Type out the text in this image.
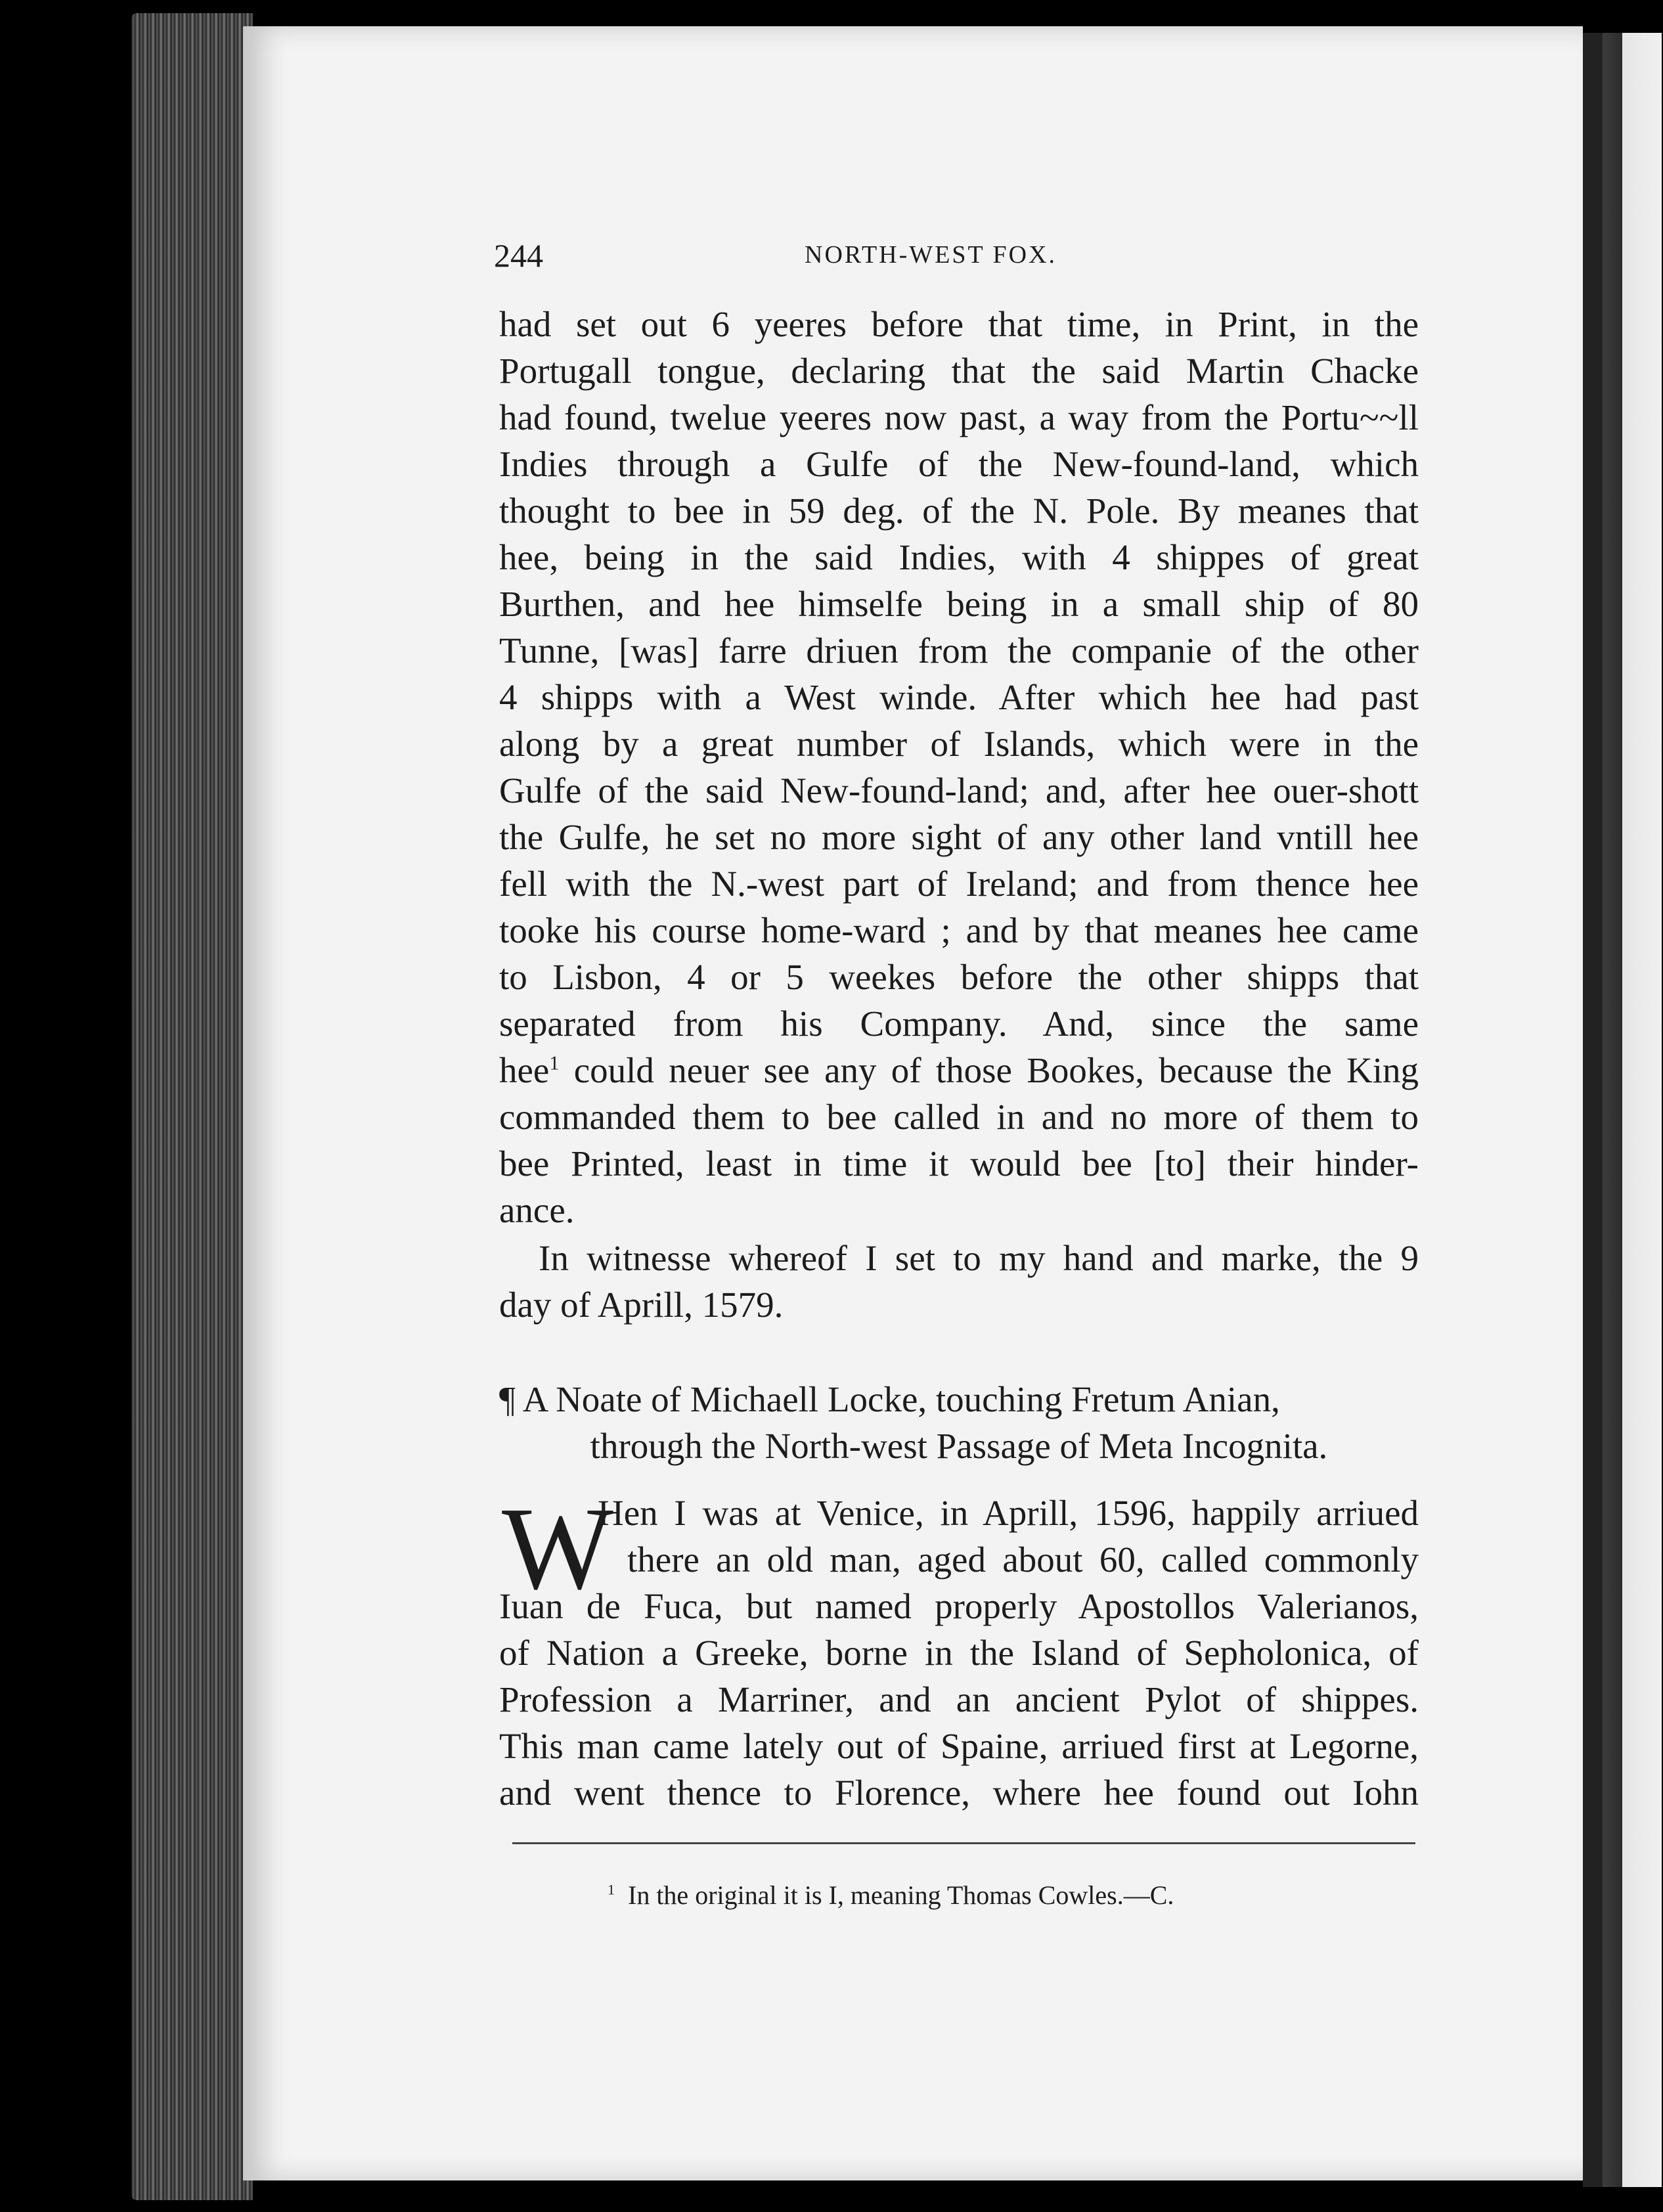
244	NORTH-WEST FOX.
had set out 6 yeeres before that time, in Print, in the
Portugall tongue, declaring that the said Martin Chacke
had found, twelue yeeres now past, a way from the Portu~~ll
Indies through a Gulfe of the New-found-land, which
thought to bee in 59 deg. of the N. Pole. By meanes that
hee, being in the said Indies, with 4 shippes of great
Burthen, and hee himselfe being in a small ship of 80
Tunne, [was] farre driuen from the companie of the other
4 shipps with a West winde. After which hee had past
along by a great number of Islands, which were in the
Gulfe of the said New-found-land; and, after hee ouer-shott
the Gulfe, he set no more sight of any other land vntill hee
fell with the N.-west part of Ireland; and from thence hee
tooke his course home-ward ; and by that meanes hee came
to Lisbon, 4 or 5 weekes before the other shipps that
separated from his Company. And, since the same
hee$^1$ could neuer see any of those Bookes, because the King
commanded them to bee called in and no more of them to
bee Printed, least in time it would bee [to] their hinder-
ance.
In witnesse whereof I set to my hand and marke, the 9
day of Aprill, 1579.
¶ A Noate of Michaell Locke, touching Fretum Anian,
through the North-west Passage of Meta Incognita.
W
Hen I was at Venice, in Aprill, 1596, happily arriued
there an old man, aged about 60, called commonly
Iuan de Fuca, but named properly Apostollos Valerianos,
of Nation a Greeke, borne in the Island of Sepholonica, of
Profession a Marriner, and an ancient Pylot of shippes.
This man came lately out of Spaine, arriued first at Legorne,
and went thence to Florence, where hee found out Iohn
$^1$ In the original it is I, meaning Thomas Cowles.—C.
